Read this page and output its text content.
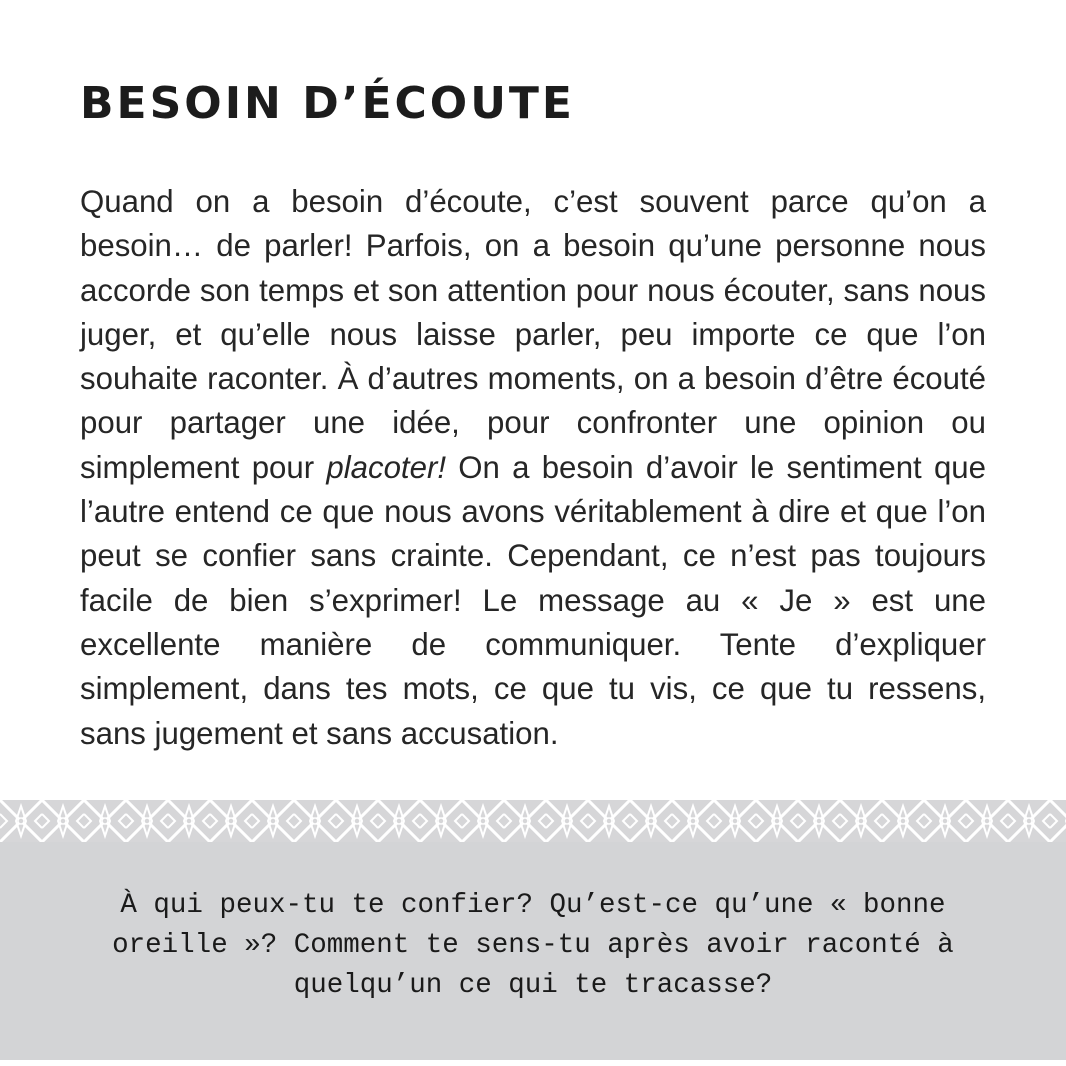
BESOIN D’ÉCOUTE

Quand on a besoin d’écoute, c’est souvent parce qu’on a besoin… de parler! Parfois, on a besoin qu’une personne nous accorde son temps et son attention pour nous écouter, sans nous juger, et qu’elle nous laisse parler, peu importe ce que l’on souhaite raconter. À d’autres moments, on a besoin d’être écouté pour partager une idée, pour confronter une opinion ou simplement pour placoter! On a besoin d’avoir le sentiment que l’autre entend ce que nous avons véritablement à dire et que l’on peut se confier sans crainte. Cependant, ce n’est pas toujours facile de bien s’exprimer! Le message au « Je » est une excellente manière de communiquer. Tente d’expliquer simplement, dans tes mots, ce que tu vis, ce que tu ressens, sans jugement et sans accusation.

À qui peux-tu te confier? Qu’est-ce qu’une « bonne oreille »? Comment te sens-tu après avoir raconté à quelqu’un ce qui te tracasse?
